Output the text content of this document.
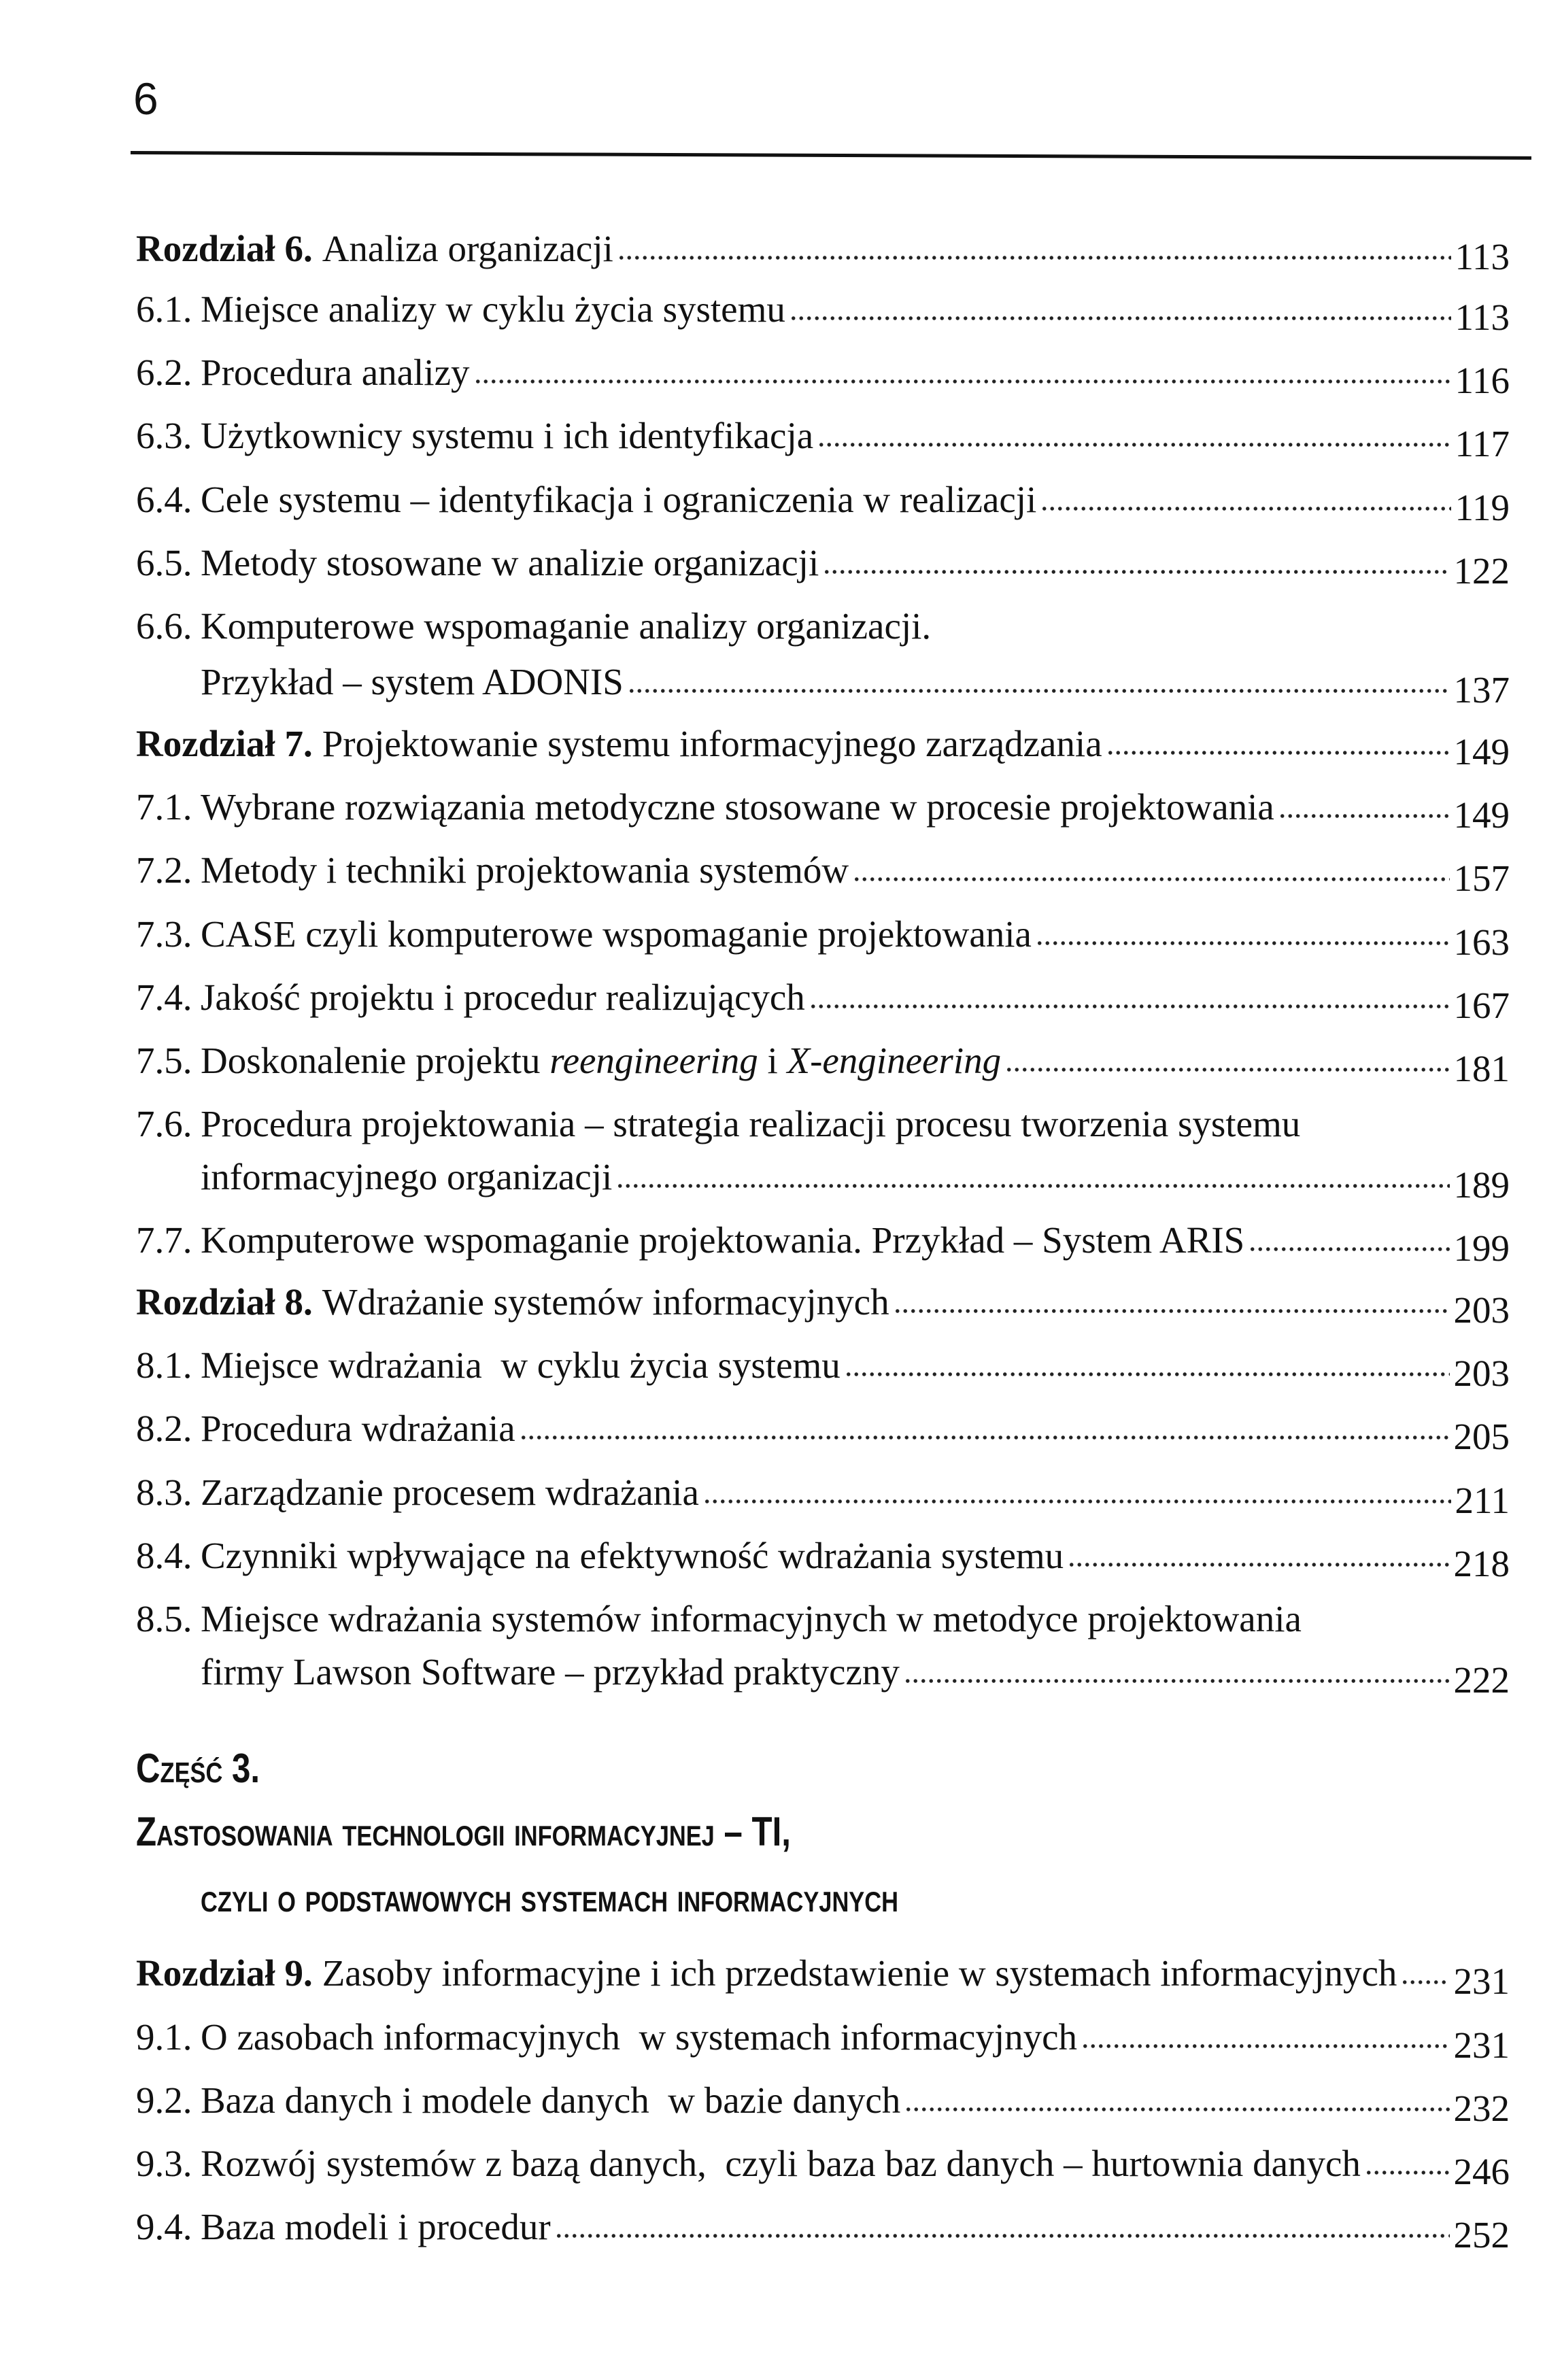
6
Rozdział 6. Analiza organizacji	113
6.1. Miejsce analizy w cyklu życia systemu	113
6.2. Procedura analizy	116
6.3. Użytkownicy systemu i ich identyfikacja	117
6.4. Cele systemu – identyfikacja i ograniczenia w realizacji	119
6.5. Metody stosowane w analizie organizacji	122
6.6. Komputerowe wspomaganie analizy organizacji.
Przykład – system ADONIS	137
Rozdział 7. Projektowanie systemu informacyjnego zarządzania	149
7.1. Wybrane rozwiązania metodyczne stosowane w procesie projektowania	149
7.2. Metody i techniki projektowania systemów	157
7.3. CASE czyli komputerowe wspomaganie projektowania	163
7.4. Jakość projektu i procedur realizujących	167
7.5. Doskonalenie projektu reengineering i X-engineering	181
7.6. Procedura projektowania – strategia realizacji procesu tworzenia systemu
informacyjnego organizacji	189
7.7. Komputerowe wspomaganie projektowania. Przykład – System ARIS	199
Rozdział 8. Wdrażanie systemów informacyjnych	203
8.1. Miejsce wdrażania  w cyklu życia systemu	203
8.2. Procedura wdrażania	205
8.3. Zarządzanie procesem wdrażania	211
8.4. Czynniki wpływające na efektywność wdrażania systemu	218
8.5. Miejsce wdrażania systemów informacyjnych w metodyce projektowania
firmy Lawson Software – przykład praktyczny	222
Część 3.
Zastosowania technologii informacyjnej – TI,
czyli o podstawowych systemach informacyjnych
Rozdział 9. Zasoby informacyjne i ich przedstawienie w systemach informacyjnych 231
9.1. O zasobach informacyjnych  w systemach informacyjnych	231
9.2. Baza danych i modele danych  w bazie danych	232
9.3. Rozwój systemów z bazą danych,  czyli baza baz danych – hurtownia danych 246
9.4. Baza modeli i procedur	252
